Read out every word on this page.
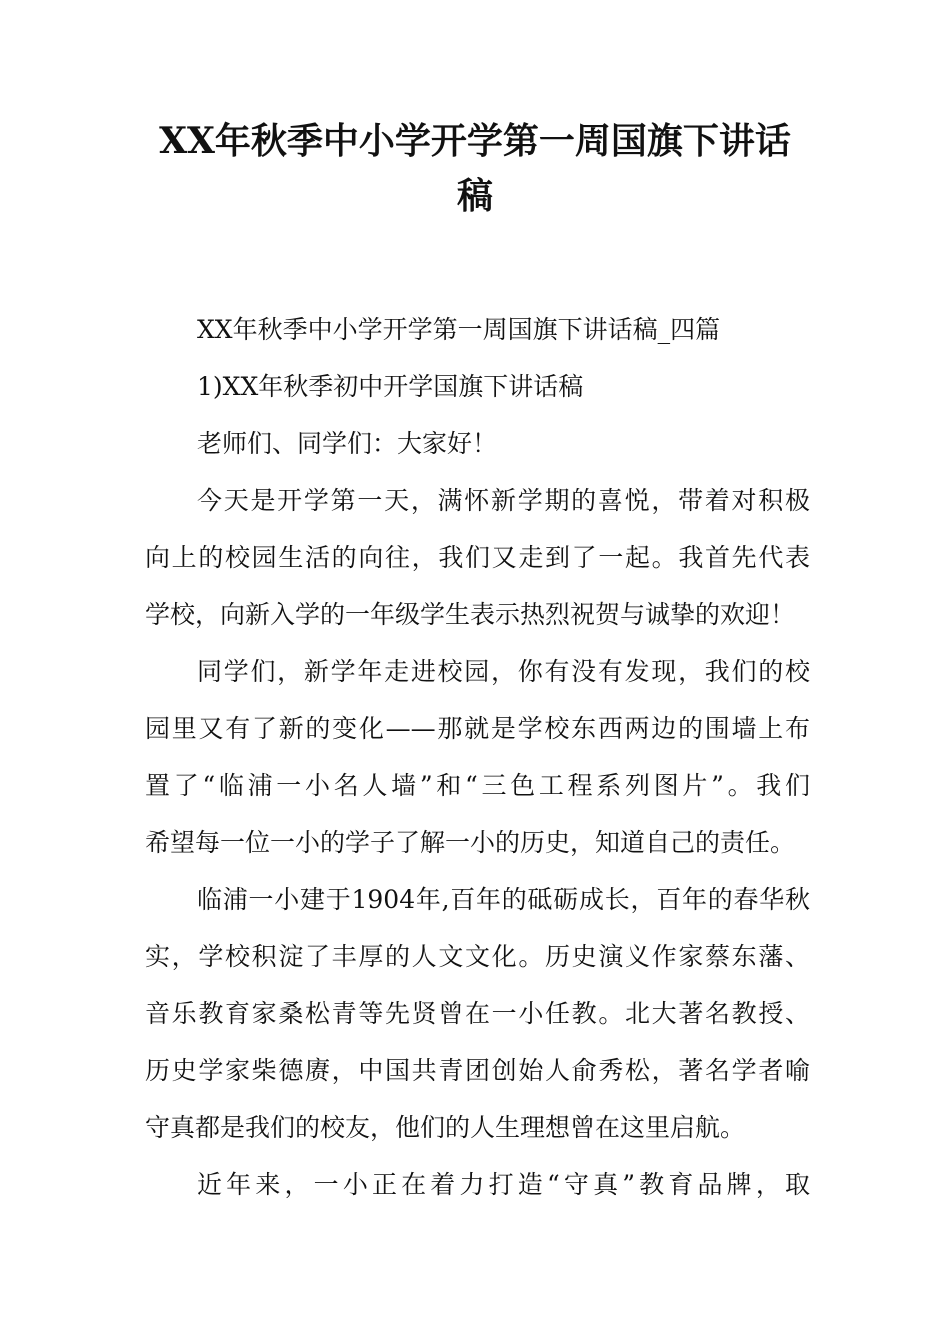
XX年秋季中小学开学第一周国旗下讲话
稿
XX年秋季中小学开学第一周国旗下讲话稿_四篇
1)XX年秋季初中开学国旗下讲话稿
老师们、同学们：大家好！
今天是开学第一天，满怀新学期的喜悦，带着对积极
向上的校园生活的向往，我们又走到了一起。我首先代表
学校，向新入学的一年级学生表示热烈祝贺与诚挚的欢迎！
同学们，新学年走进校园，你有没有发现，我们的校
园里又有了新的变化——那就是学校东西两边的围墙上布
置了“临浦一小名人墙”和“三色工程系列图片”。我们
希望每一位一小的学子了解一小的历史，知道自己的责任。
临浦一小建于1904年,百年的砥砺成长，百年的春华秋
实，学校积淀了丰厚的人文文化。历史演义作家蔡东藩、
音乐教育家桑松青等先贤曾在一小任教。北大著名教授、
历史学家柴德赓，中国共青团创始人俞秀松，著名学者喻
守真都是我们的校友，他们的人生理想曾在这里启航。
近年来，一小正在着力打造“守真”教育品牌，取
